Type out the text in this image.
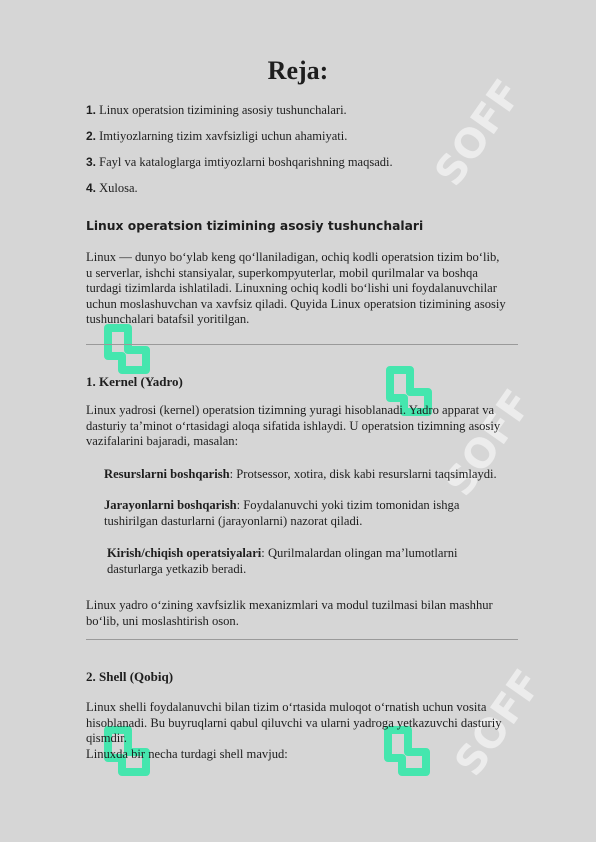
SOFF
SOFF
SOFF
Reja:
1. Linux operatsion tizimining asosiy tushunchalari.
2. Imtiyozlarning tizim xavfsizligi uchun ahamiyati.
3. Fayl va kataloglarga imtiyozlarni boshqarishning maqsadi.
4. Xulosa.
Linux operatsion tizimining asosiy tushunchalari
Linux — dunyo bo‘ylab keng qo‘llaniladigan, ochiq kodli operatsion tizim bo‘lib,
u serverlar, ishchi stansiyalar, superkompyuterlar, mobil qurilmalar va boshqa
turdagi tizimlarda ishlatiladi. Linuxning ochiq kodli bo‘lishi uni foydalanuvchilar
uchun moslashuvchan va xavfsiz qiladi. Quyida Linux operatsion tizimining asosiy
tushunchalari batafsil yoritilgan.
1. Kernel (Yadro)
Linux yadrosi (kernel) operatsion tizimning yuragi hisoblanadi. Yadro apparat va
dasturiy ta’minot o‘rtasidagi aloqa sifatida ishlaydi. U operatsion tizimning asosiy
vazifalarini bajaradi, masalan:
Resurslarni boshqarish: Protsessor, xotira, disk kabi resurslarni taqsimlaydi.
Jarayonlarni boshqarish: Foydalanuvchi yoki tizim tomonidan ishga
tushirilgan dasturlarni (jarayonlarni) nazorat qiladi.
Kirish/chiqish operatsiyalari: Qurilmalardan olingan ma’lumotlarni
dasturlarga yetkazib beradi.
Linux yadro o‘zining xavfsizlik mexanizmlari va modul tuzilmasi bilan mashhur
bo‘lib, uni moslashtirish oson.
2. Shell (Qobiq)
Linux shelli foydalanuvchi bilan tizim o‘rtasida muloqot o‘rnatish uchun vosita
hisoblanadi. Bu buyruqlarni qabul qiluvchi va ularni yadroga yetkazuvchi dasturiy
qismdir.
Linuxda bir necha turdagi shell mavjud:
